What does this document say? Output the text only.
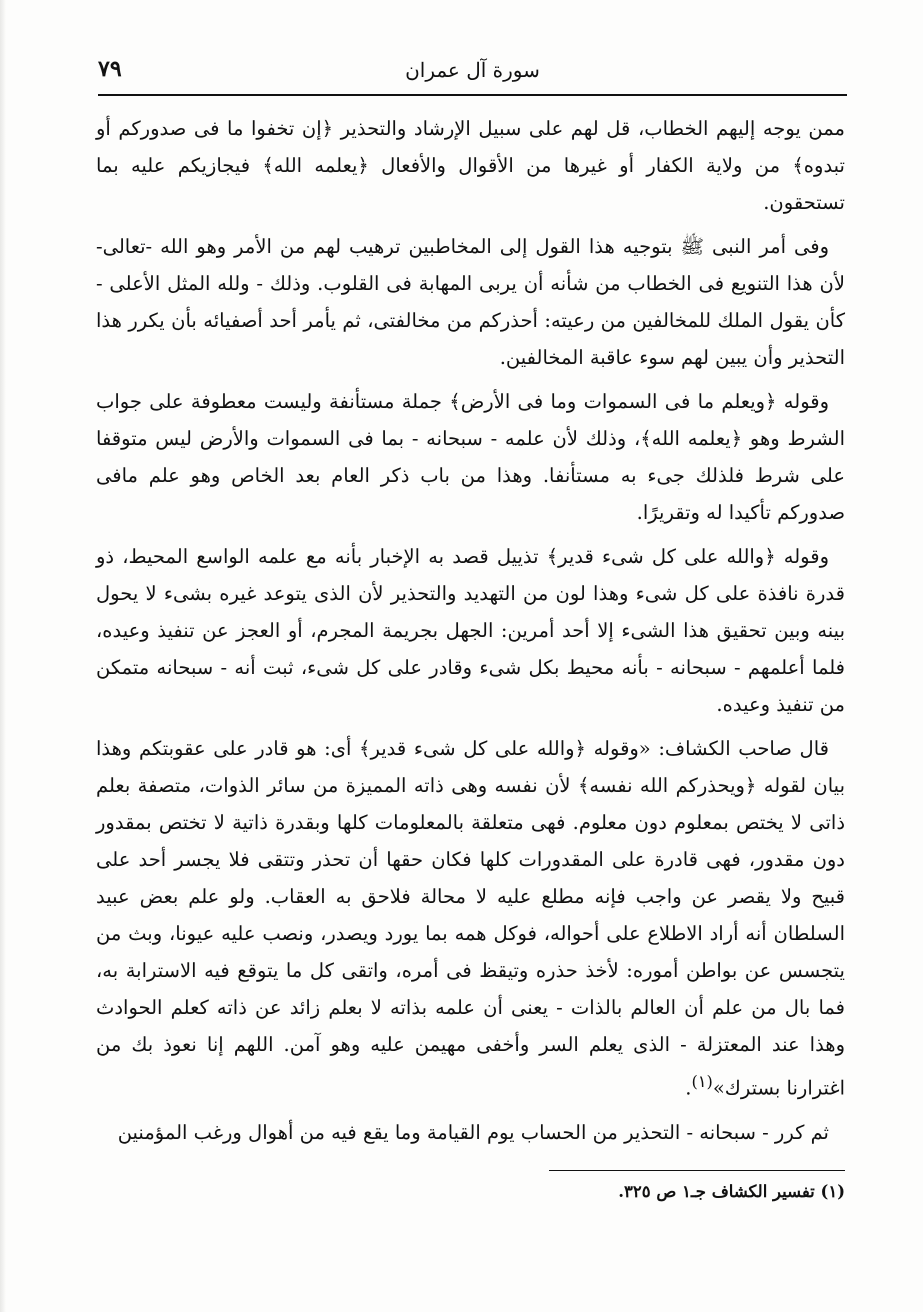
٧٩	سورة آل عمران

ممن يوجه إليهم الخطاب، قل لهم على سبيل الإرشاد والتحذير ﴿إن تخفوا ما فى صدوركم أو تبدوه﴾ من ولاية الكفار أو غيرها من الأقوال والأفعال ﴿يعلمه الله﴾ فيجازيكم عليه بما تستحقون.

وفى أمر النبى ﷺ بتوجيه هذا القول إلى المخاطبين ترهيب لهم من الأمر وهو الله -تعالى- لأن هذا التنويع فى الخطاب من شأنه أن يربى المهابة فى القلوب. وذلك - ولله المثل الأعلى - كأن يقول الملك للمخالفين من رعيته: أحذركم من مخالفتى، ثم يأمر أحد أصفيائه بأن يكرر هذا التحذير وأن يبين لهم سوء عاقبة المخالفين.

وقوله ﴿ويعلم ما فى السموات وما فى الأرض﴾ جملة مستأنفة وليست معطوفة على جواب الشرط وهو ﴿يعلمه الله﴾، وذلك لأن علمه - سبحانه - بما فى السموات والأرض ليس متوقفا على شرط فلذلك جىء به مستأنفا. وهذا من باب ذكر العام بعد الخاص وهو علم مافى صدوركم تأكيدا له وتقريرًا.

وقوله ﴿والله على كل شىء قدير﴾ تذييل قصد به الإخبار بأنه مع علمه الواسع المحيط، ذو قدرة نافذة على كل شىء وهذا لون من التهديد والتحذير لأن الذى يتوعد غيره بشىء لا يحول بينه وبين تحقيق هذا الشىء إلا أحد أمرين: الجهل بجريمة المجرم، أو العجز عن تنفيذ وعيده، فلما أعلمهم - سبحانه - بأنه محيط بكل شىء وقادر على كل شىء، ثبت أنه - سبحانه متمكن من تنفيذ وعيده.

قال صاحب الكشاف: «وقوله ﴿والله على كل شىء قدير﴾ أى: هو قادر على عقوبتكم وهذا بيان لقوله ﴿ويحذركم الله نفسه﴾ لأن نفسه وهى ذاته المميزة من سائر الذوات، متصفة بعلم ذاتى لا يختص بمعلوم دون معلوم. فهى متعلقة بالمعلومات كلها وبقدرة ذاتية لا تختص بمقدور دون مقدور، فهى قادرة على المقدورات كلها فكان حقها أن تحذر وتتقى فلا يجسر أحد على قبيح ولا يقصر عن واجب فإنه مطلع عليه لا محالة فلاحق به العقاب. ولو علم بعض عبيد السلطان أنه أراد الاطلاع على أحواله، فوكل همه بما يورد ويصدر، ونصب عليه عيونا، وبث من يتجسس عن بواطن أموره: لأخذ حذره وتيقظ فى أمره، واتقى كل ما يتوقع فيه الاسترابة به، فما بال من علم أن العالم بالذات - يعنى أن علمه بذاته لا بعلم زائد عن ذاته كعلم الحوادث وهذا عند المعتزلة - الذى يعلم السر وأخفى مهيمن عليه وهو آمن. اللهم إنا نعوذ بك من اغترارنا بسترك»$^{(١)}$.

ثم كرر - سبحانه - التحذير من الحساب يوم القيامة وما يقع فيه من أهوال ورغب المؤمنين

(١) تفسير الكشاف جـ١ ص ٣٢٥.
